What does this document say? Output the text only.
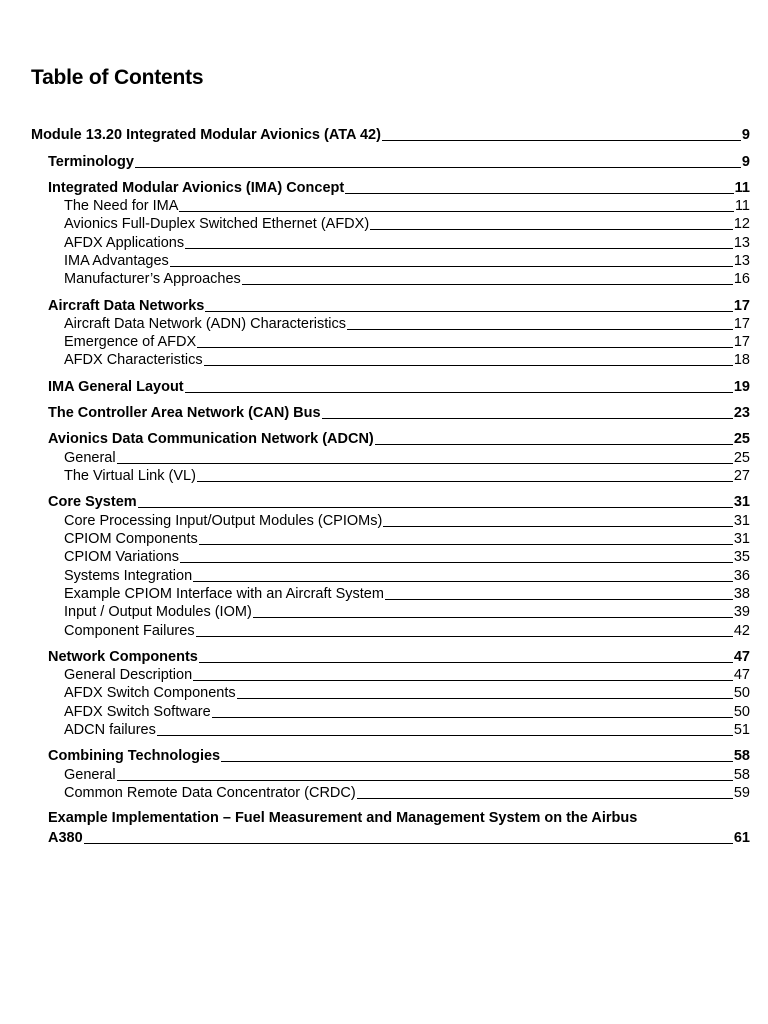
Table of Contents
Module 13.20 Integrated Modular Avionics (ATA 42)	9
Terminology	9
Integrated Modular Avionics (IMA) Concept	11
The Need for IMA	11
Avionics Full-Duplex Switched Ethernet (AFDX)	12
AFDX Applications	13
IMA Advantages	13
Manufacturer’s Approaches	16
Aircraft Data Networks	17
Aircraft Data Network (ADN) Characteristics	17
Emergence of AFDX	17
AFDX Characteristics	18
IMA General Layout	19
The Controller Area Network (CAN) Bus	23
Avionics Data Communication Network (ADCN)	25
General	25
The Virtual Link (VL)	27
Core System	31
Core Processing Input/Output Modules (CPIOMs)	31
CPIOM Components	31
CPIOM Variations	35
Systems Integration	36
Example CPIOM Interface with an Aircraft System	38
Input / Output Modules (IOM)	39
Component Failures	42
Network Components	47
General Description	47
AFDX Switch Components	50
AFDX Switch Software	50
ADCN failures	51
Combining Technologies	58
General	58
Common Remote Data Concentrator (CRDC)	59
Example Implementation – Fuel Measurement and Management System on the Airbus
A380	61
